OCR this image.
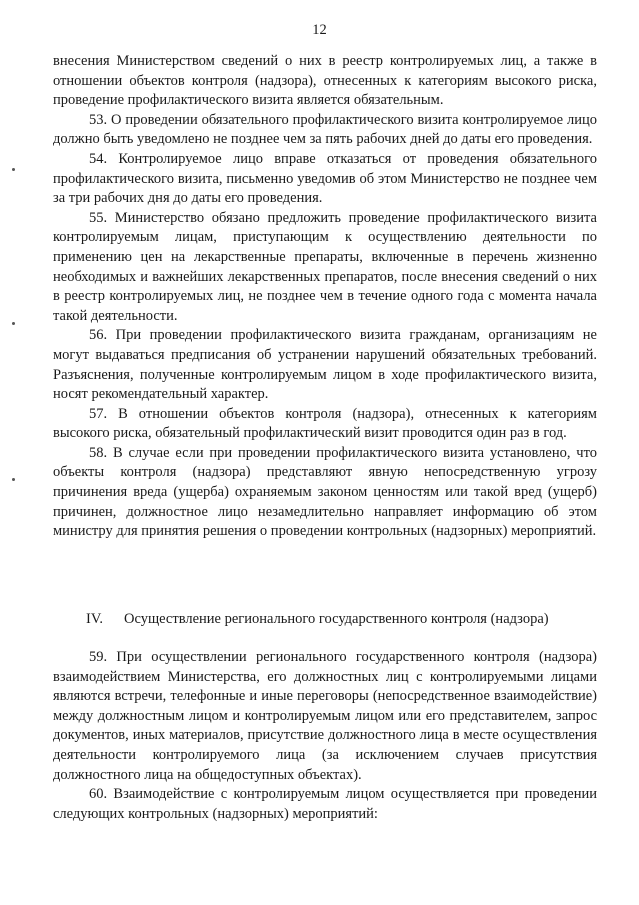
12

внесения Министерством сведений о них в реестр контролируемых лиц, а также в отношении объектов контроля (надзора), отнесенных к категориям высокого риска, проведение профилактического визита является обязательным.

53. О проведении обязательного профилактического визита контролируемое лицо должно быть уведомлено не позднее чем за пять рабочих дней до даты его проведения.

54. Контролируемое лицо вправе отказаться от проведения обязательного профилактического визита, письменно уведомив об этом Министерство не позднее чем за три рабочих дня до даты его проведения.

55. Министерство обязано предложить проведение профилактического визита контролируемым лицам, приступающим к осуществлению деятельности по применению цен на лекарственные препараты, включенные в перечень жизненно необходимых и важнейших лекарственных препаратов, после внесения сведений о них в реестр контролируемых лиц, не позднее чем в течение одного года с момента начала такой деятельности.

56. При проведении профилактического визита гражданам, организациям не могут выдаваться предписания об устранении нарушений обязательных требований. Разъяснения, полученные контролируемым лицом в ходе профилактического визита, носят рекомендательный характер.

57. В отношении объектов контроля (надзора), отнесенных к категориям высокого риска, обязательный профилактический визит проводится один раз в год.

58. В случае если при проведении профилактического визита установлено, что объекты контроля (надзора) представляют явную непосредственную угрозу причинения вреда (ущерба) охраняемым законом ценностям или такой вред (ущерб) причинен, должностное лицо незамедлительно направляет информацию об этом министру для принятия решения о проведении контрольных (надзорных) мероприятий.

IV. Осуществление регионального государственного контроля (надзора)

59. При осуществлении регионального государственного контроля (надзора) взаимодействием Министерства, его должностных лиц с контролируемыми лицами являются встречи, телефонные и иные переговоры (непосредственное взаимодействие) между должностным лицом и контролируемым лицом или его представителем, запрос документов, иных материалов, присутствие должностного лица в месте осуществления деятельности контролируемого лица (за исключением случаев присутствия должностного лица на общедоступных объектах).

60. Взаимодействие с контролируемым лицом осуществляется при проведении следующих контрольных (надзорных) мероприятий:
